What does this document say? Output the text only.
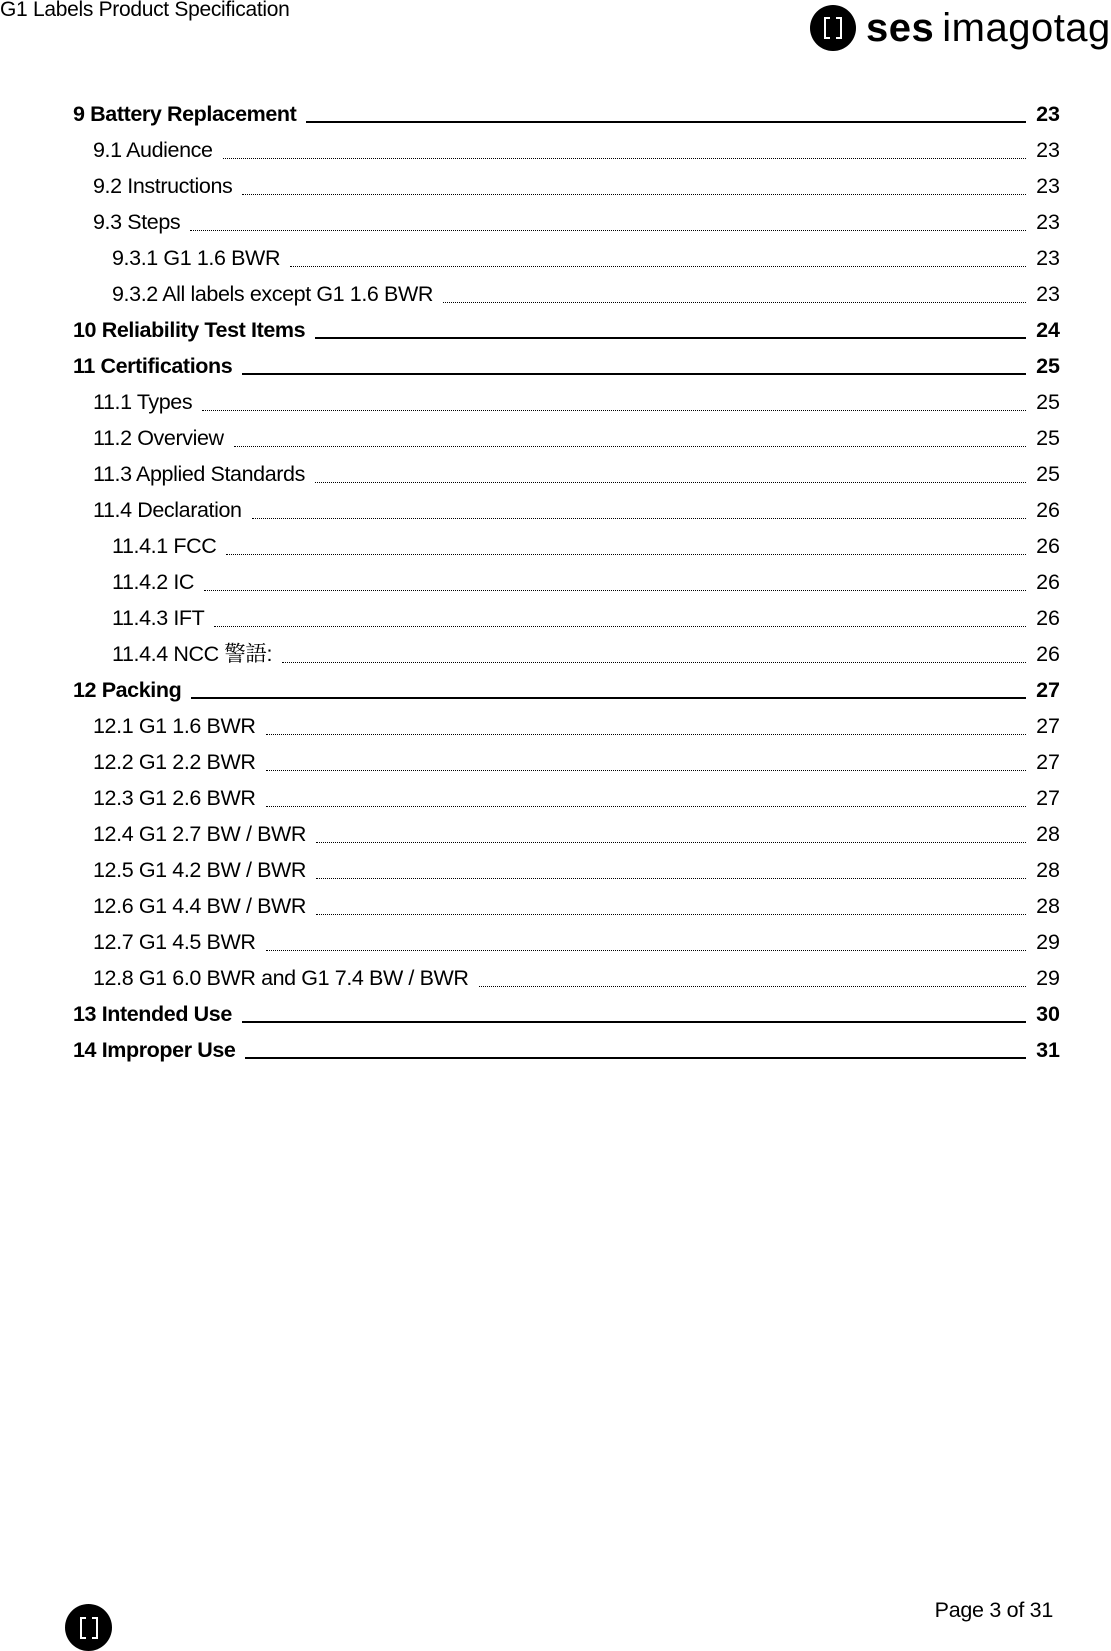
G1 Labels Product Specification	ses imagotag
9 Battery Replacement	23
9.1 Audience	23
9.2 Instructions	23
9.3 Steps	23
9.3.1 G1 1.6 BWR	23
9.3.2 All labels except G1 1.6 BWR	23
10 Reliability Test Items	24
11 Certifications	25
11.1 Types	25
11.2 Overview	25
11.3 Applied Standards	25
11.4 Declaration	26
11.4.1 FCC	26
11.4.2 IC	26
11.4.3 IFT	26
11.4.4 NCC 警語:	26
12 Packing	27
12.1 G1 1.6 BWR	27
12.2 G1 2.2 BWR	27
12.3 G1 2.6 BWR	27
12.4 G1 2.7 BW / BWR	28
12.5 G1 4.2 BW / BWR	28
12.6 G1 4.4 BW / BWR	28
12.7 G1 4.5 BWR	29
12.8 G1 6.0 BWR and G1 7.4 BW / BWR	29
13 Intended Use	30
14 Improper Use	31
Page 3 of 31
